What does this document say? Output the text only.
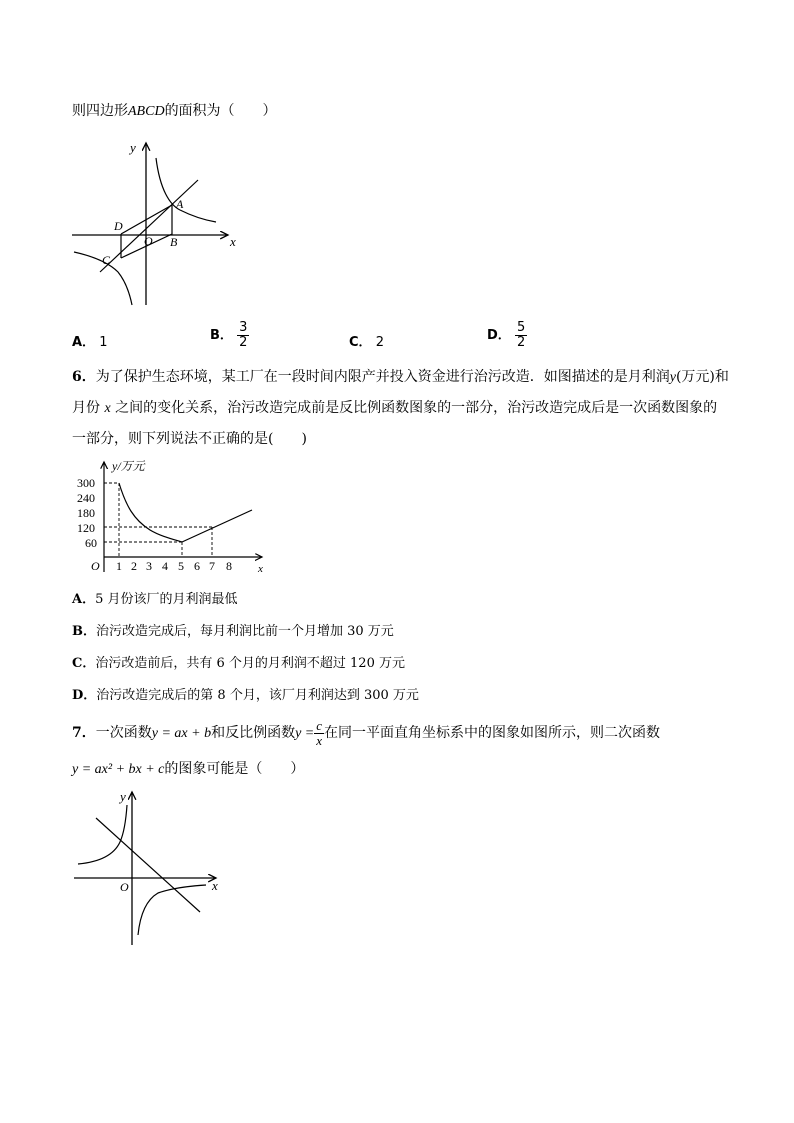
则四边形ABCD的面积为（　　）
y
x
A
B
C
D
O
A． 1	B． $\frac{3}{2}$	C． 2	D． $\frac{5}{2}$
6．为了保护生态环境，某工厂在一段时间内限产并投入资金进行治污改造．如图描述的是月利润y(万元)和
月份 x 之间的变化关系，治污改造完成前是反比例函数图象的一部分，治污改造完成后是一次函数图象的
一部分，则下列说法不正确的是(　　)
y/万元
300
240
180
120
60
O 1 2 3 4 5 6 7 8 x
A．5 月份该厂的月利润最低
B．治污改造完成后，每月利润比前一个月增加 30 万元
C．治污改造前后，共有 6 个月的月利润不超过 120 万元
D．治污改造完成后的第 8 个月，该厂月利润达到 300 万元
7．一次函数y = ax + b和反比例函数$y = \frac{c}{x}$ 在同一平面直角坐标系中的图象如图所示，则二次函数
y = ax² + bx + c的图象可能是（　　）
y
x
O
